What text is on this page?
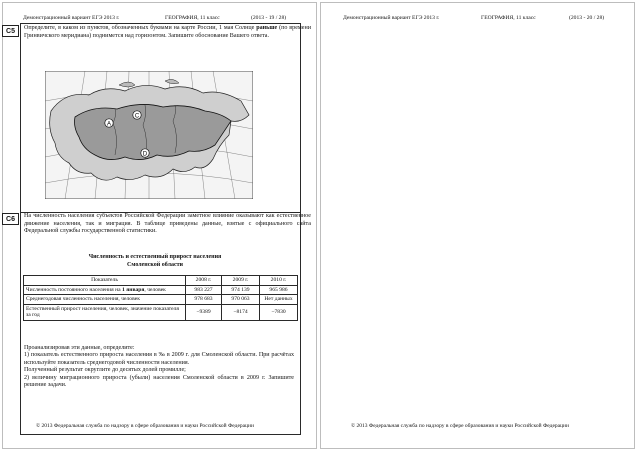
Демонстрационный вариант ЕГЭ 2013 г.	ГЕОГРАФИЯ, 11 класс	(2013 - 19 / 28)
С5	Определите, в каком из пунктов, обозначенных буквами на карте России, 1 мая Солнце раньше (по времени Гринвичского меридиана) поднимется над горизонтом. Запишите обоснование Вашего ответа.
A
C
D
С6	На численность населения субъектов Российской Федерации заметное влияние оказывают как естественное движение населения, так и миграция. В таблице приведены данные, взятые с официального сайта Федеральной службы государственной статистики.
Численность и естественный прирост населения
Смоленской области
Показатель	2008 г.	2009 г.	2010 г.
Численность постоянного населения на 1 января, человек	983 227	974 139	965 986
Среднегодовая численность населения, человек	978 683	970 063	Нет данных
Естественный прирост населения, человек, значение показателя за год	−9389	−8174	−7830
Проанализировав эти данные, определите:
1) показатель естественного прироста населения в ‰ в 2009 г. для Смоленской области. При расчётах используйте показатель среднегодовой численности населения.
Полученный результат округлите до десятых долей промилле;
2) величину миграционного прироста (убыли) населения Смоленской области в 2009 г. Запишите решение задачи.
© 2013 Федеральная служба по надзору в сфере образования и науки Российской Федерации
Демонстрационный вариант ЕГЭ 2013 г.	ГЕОГРАФИЯ, 11 класс	(2013 - 20 / 28)
© 2013 Федеральная служба по надзору в сфере образования и науки Российской Федерации
